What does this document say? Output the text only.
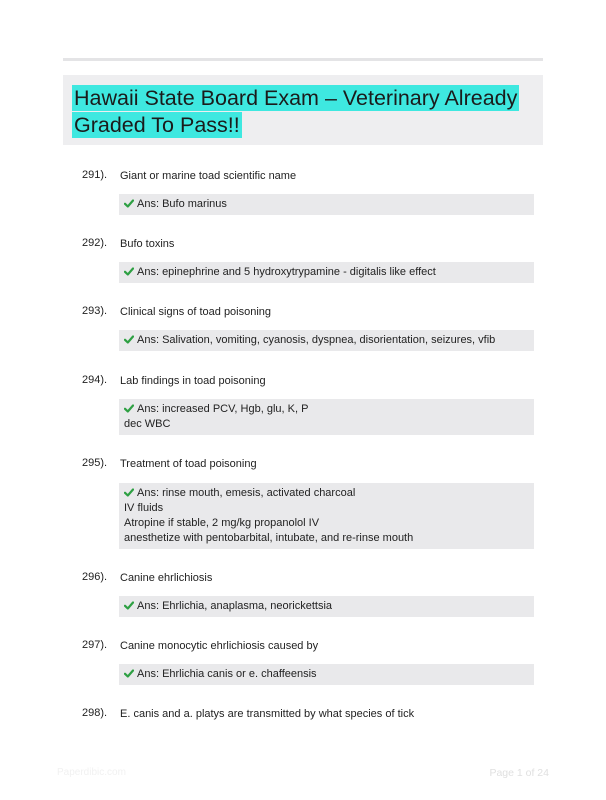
Hawaii State Board Exam – Veterinary Already Graded To Pass!!
291). Giant or marine toad scientific name
Ans: Bufo marinus
292). Bufo toxins
Ans: epinephrine and 5 hydroxytrypamine - digitalis like effect
293). Clinical signs of toad poisoning
Ans: Salivation, vomiting, cyanosis, dyspnea, disorientation, seizures, vfib
294). Lab findings in toad poisoning
Ans: increased PCV, Hgb, glu, K, P
dec WBC
295). Treatment of toad poisoning
Ans: rinse mouth, emesis, activated charcoal
IV fluids
Atropine if stable, 2 mg/kg propanolol IV
anesthetize with pentobarbital, intubate, and re-rinse mouth
296). Canine ehrlichiosis
Ans: Ehrlichia, anaplasma, neorickettsia
297). Canine monocytic ehrlichiosis caused by
Ans: Ehrlichia canis or e. chaffeensis
298). E. canis and a. platys are transmitted by what species of tick
Paperdibic.com	Page 1 of 24
